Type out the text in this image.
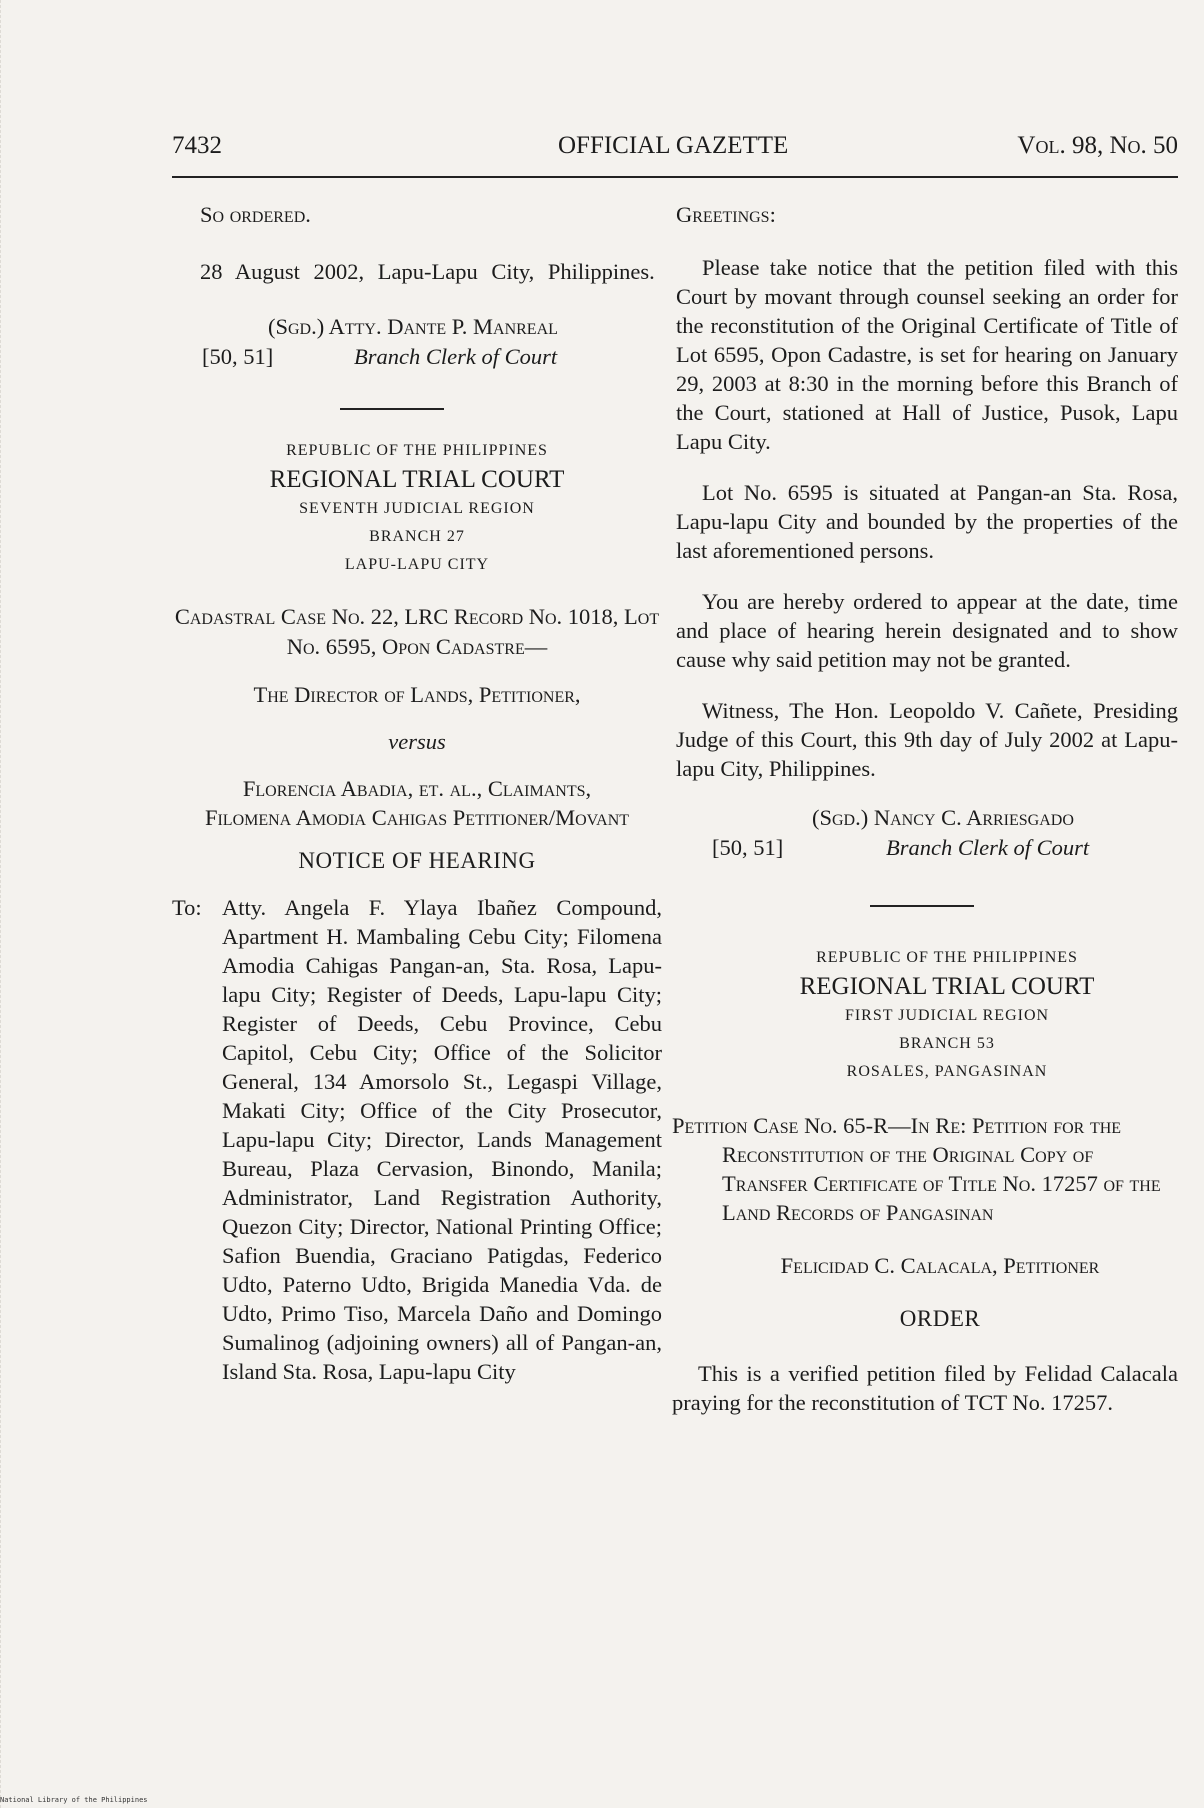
7432	OFFICIAL GAZETTE	Vol. 98, No. 50

So ordered.

28 August 2002, Lapu-Lapu City, Philippines.

(Sgd.) Atty. Dante P. Manreal
[50, 51]	Branch Clerk of Court
REPUBLIC OF THE PHILIPPINES
REGIONAL TRIAL COURT
SEVENTH JUDICIAL REGION
BRANCH 27
LAPU-LAPU CITY

Cadastral Case No. 22, LRC Record No. 1018, Lot No. 6595, Opon Cadastre—

The Director of Lands, Petitioner,

versus

Florencia Abadia, et. al., Claimants,

Filomena Amodia Cahigas Petitioner/Movant

NOTICE OF HEARING

To: Atty. Angela F. Ylaya Ibañez Compound, Apartment H. Mambaling Cebu City; Filomena Amodia Cahigas Pangan-an, Sta. Rosa, Lapu-lapu City; Register of Deeds, Lapu-lapu City; Register of Deeds, Cebu Province, Cebu Capitol, Cebu City; Office of the Solicitor General, 134 Amorsolo St., Legaspi Village, Makati City; Office of the City Prosecutor, Lapu-lapu City; Director, Lands Management Bureau, Plaza Cervasion, Binondo, Manila; Administrator, Land Registration Authority, Quezon City; Director, National Printing Office; Safion Buendia, Graciano Patigdas, Federico Udto, Paterno Udto, Brigida Manedia Vda. de Udto, Primo Tiso, Marcela Daño and Domingo Sumalinog (adjoining owners) all of Pangan-an, Island Sta. Rosa, Lapu-lapu City

Greetings:

Please take notice that the petition filed with this Court by movant through counsel seeking an order for the reconstitution of the Original Certificate of Title of Lot 6595, Opon Cadastre, is set for hearing on January 29, 2003 at 8:30 in the morning before this Branch of the Court, stationed at Hall of Justice, Pusok, Lapu Lapu City.

Lot No. 6595 is situated at Pangan-an Sta. Rosa, Lapu-lapu City and bounded by the properties of the last aforementioned persons.

You are hereby ordered to appear at the date, time and place of hearing herein designated and to show cause why said petition may not be granted.

Witness, The Hon. Leopoldo V. Cañete, Presiding Judge of this Court, this 9th day of July 2002 at Lapu-lapu City, Philippines.

(Sgd.) Nancy C. Arriesgado
[50, 51]	Branch Clerk of Court
REPUBLIC OF THE PHILIPPINES
REGIONAL TRIAL COURT
FIRST JUDICIAL REGION
BRANCH 53
ROSALES, PANGASINAN

Petition Case No. 65-R—In Re: Petition for the Reconstitution of the Original Copy of Transfer Certificate of Title No. 17257 of the Land Records of Pangasinan

Felicidad C. Calacala, Petitioner

ORDER

This is a verified petition filed by Felidad Calacala praying for the reconstitution of TCT No. 17257.

National Library of the Philippines
